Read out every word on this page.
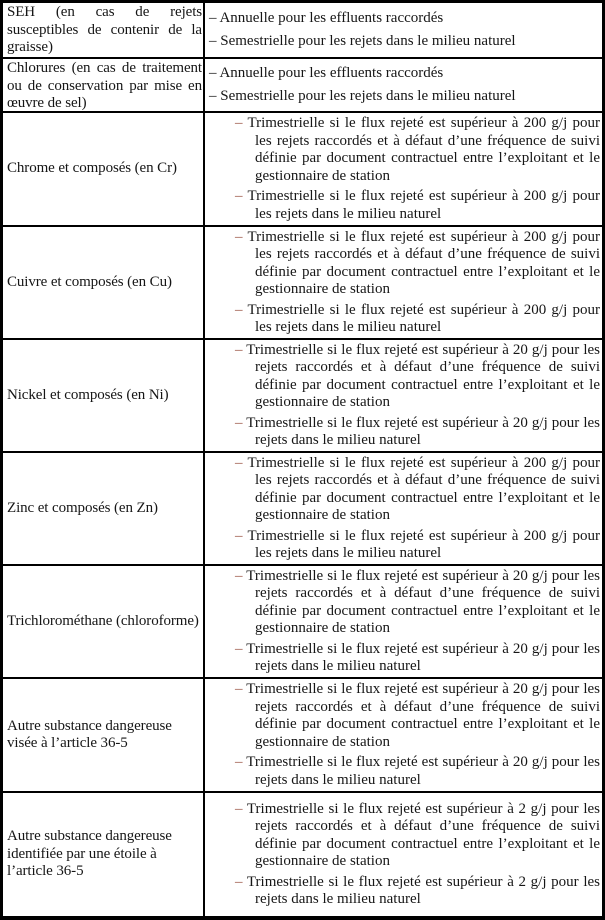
SEH (en cas de rejets susceptibles de contenir de la graisse)
– Annuelle pour les effluents raccordés
– Semestrielle pour les rejets dans le milieu naturel
Chlorures (en cas de traitement ou de conservation par mise en œuvre de sel)
– Annuelle pour les effluents raccordés
– Semestrielle pour les rejets dans le milieu naturel
Chrome et composés (en Cr)
– Trimestrielle si le flux rejeté est supérieur à 200 g/j pour les rejets raccordés et à défaut d’une fréquence de suivi définie par document contractuel entre l’exploitant et le gestionnaire de station
– Trimestrielle si le flux rejeté est supérieur à 200 g/j pour les rejets dans le milieu naturel
Cuivre et composés (en Cu)
– Trimestrielle si le flux rejeté est supérieur à 200 g/j pour les rejets raccordés et à défaut d’une fréquence de suivi définie par document contractuel entre l’exploitant et le gestionnaire de station
– Trimestrielle si le flux rejeté est supérieur à 200 g/j pour les rejets dans le milieu naturel
Nickel et composés (en Ni)
– Trimestrielle si le flux rejeté est supérieur à 20 g/j pour les rejets raccordés et à défaut d’une fréquence de suivi définie par document contractuel entre l’exploitant et le gestionnaire de station
– Trimestrielle si le flux rejeté est supérieur à 20 g/j pour les rejets dans le milieu naturel
Zinc et composés (en Zn)
– Trimestrielle si le flux rejeté est supérieur à 200 g/j pour les rejets raccordés et à défaut d’une fréquence de suivi définie par document contractuel entre l’exploitant et le gestionnaire de station
– Trimestrielle si le flux rejeté est supérieur à 200 g/j pour les rejets dans le milieu naturel
Trichlorométhane (chloroforme)
– Trimestrielle si le flux rejeté est supérieur à 20 g/j pour les rejets raccordés et à défaut d’une fréquence de suivi définie par document contractuel entre l’exploitant et le gestionnaire de station
– Trimestrielle si le flux rejeté est supérieur à 20 g/j pour les rejets dans le milieu naturel
Autre substance dangereuse visée à l’article 36-5
– Trimestrielle si le flux rejeté est supérieur à 20 g/j pour les rejets raccordés et à défaut d’une fréquence de suivi définie par document contractuel entre l’exploitant et le gestionnaire de station
– Trimestrielle si le flux rejeté est supérieur à 20 g/j pour les rejets dans le milieu naturel
Autre substance dangereuse identifiée par une étoile à l’article 36-5
– Trimestrielle si le flux rejeté est supérieur à 2 g/j pour les rejets raccordés et à défaut d’une fréquence de suivi définie par document contractuel entre l’exploitant et le gestionnaire de station
– Trimestrielle si le flux rejeté est supérieur à 2 g/j pour les rejets dans le milieu naturel
